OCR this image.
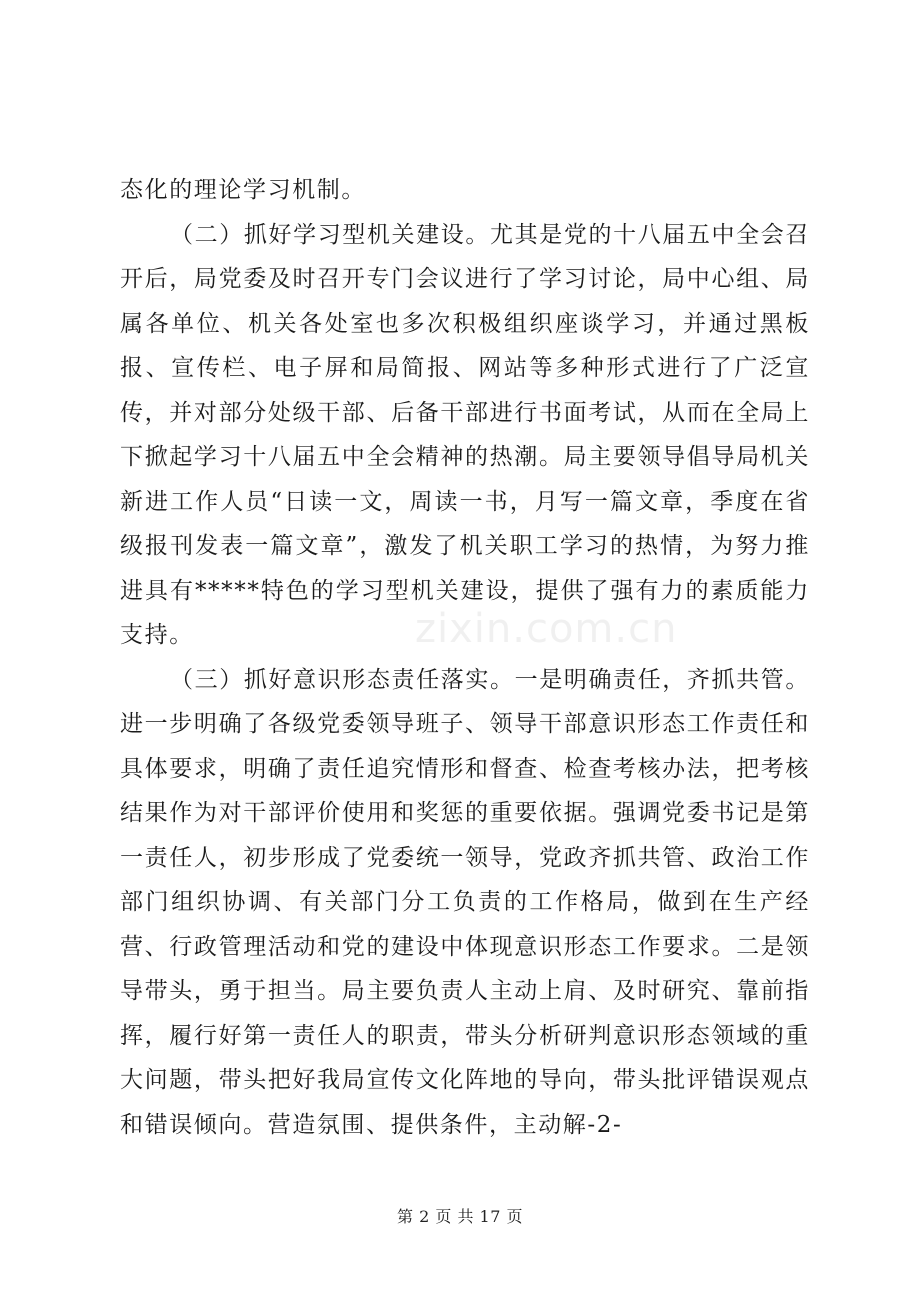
态化的理论学习机制。

（二）抓好学习型机关建设。尤其是党的十八届五中全会召开后，局党委及时召开专门会议进行了学习讨论，局中心组、局属各单位、机关各处室也多次积极组织座谈学习，并通过黑板报、宣传栏、电子屏和局简报、网站等多种形式进行了广泛宣传，并对部分处级干部、后备干部进行书面考试，从而在全局上下掀起学习十八届五中全会精神的热潮。局主要领导倡导局机关新进工作人员“日读一文，周读一书，月写一篇文章，季度在省级报刊发表一篇文章”，激发了机关职工学习的热情，为努力推进具有*****特色的学习型机关建设，提供了强有力的素质能力支持。

（三）抓好意识形态责任落实。一是明确责任，齐抓共管。进一步明确了各级党委领导班子、领导干部意识形态工作责任和具体要求，明确了责任追究情形和督查、检查考核办法，把考核结果作为对干部评价使用和奖惩的重要依据。强调党委书记是第一责任人，初步形成了党委统一领导，党政齐抓共管、政治工作部门组织协调、有关部门分工负责的工作格局，做到在生产经营、行政管理活动和党的建设中体现意识形态工作要求。二是领导带头，勇于担当。局主要负责人主动上肩、及时研究、靠前指挥，履行好第一责任人的职责，带头分析研判意识形态领域的重大问题，带头把好我局宣传文化阵地的导向，带头批评错误观点和错误倾向。营造氛围、提供条件，主动解-2-

zixin.com.cn
第 2 页 共 17 页
